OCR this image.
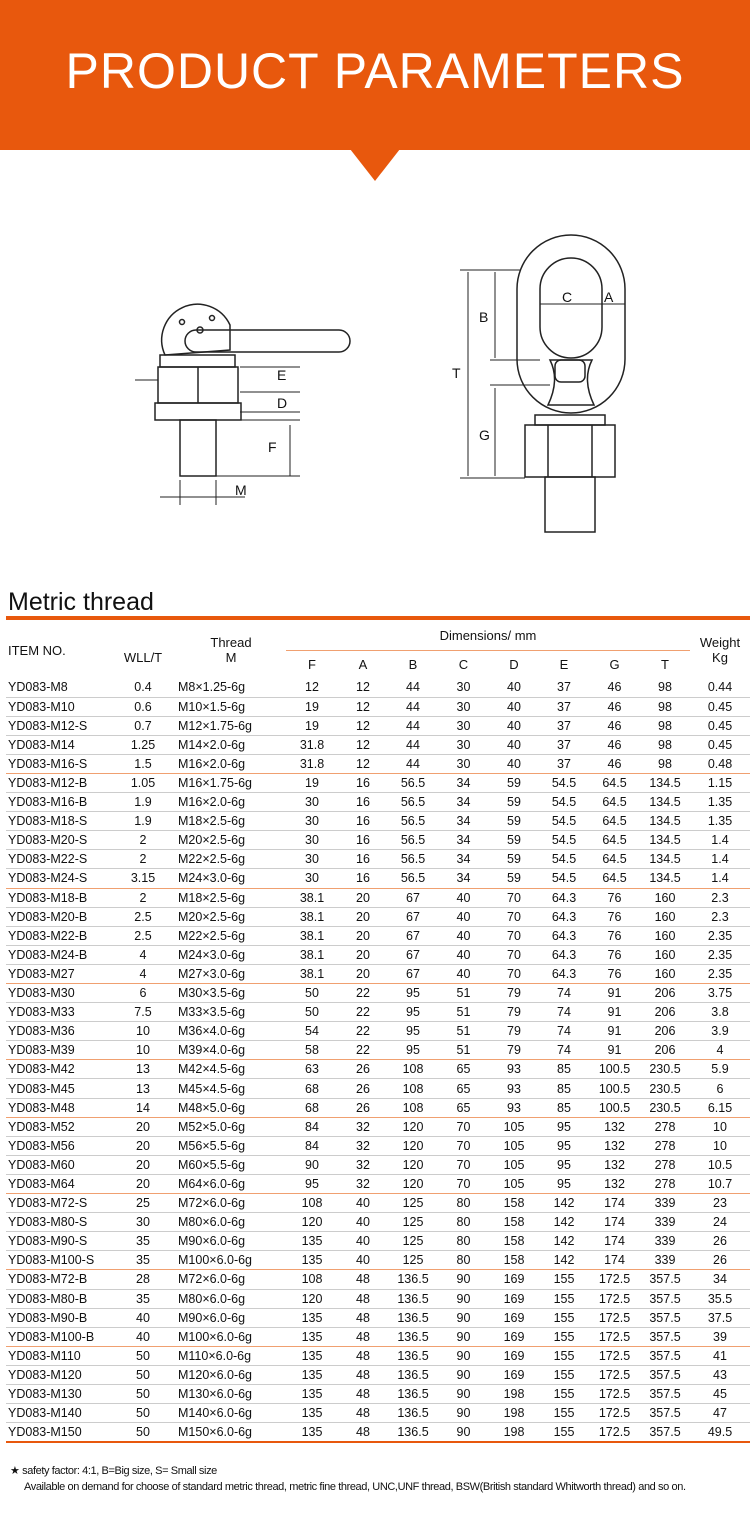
PRODUCT PARAMETERS
E
D
F
M
C A
B
T
G
Metric thread
ITEM NO.	WLL/T	Thread
M	Dimensions/ mm								Weight
Kg
			F	A	B	C	D	E	G	T	
YD083-M8	0.4	M8×1.25-6g	12	12	44	30	40	37	46	98	0.44
YD083-M10	0.6	M10×1.5-6g	19	12	44	30	40	37	46	98	0.45
YD083-M12-S	0.7	M12×1.75-6g	19	12	44	30	40	37	46	98	0.45
YD083-M14	1.25	M14×2.0-6g	31.8	12	44	30	40	37	46	98	0.45
YD083-M16-S	1.5	M16×2.0-6g	31.8	12	44	30	40	37	46	98	0.48
YD083-M12-B	1.05	M16×1.75-6g	19	16	56.5	34	59	54.5	64.5	134.5	1.15
YD083-M16-B	1.9	M16×2.0-6g	30	16	56.5	34	59	54.5	64.5	134.5	1.35
YD083-M18-S	1.9	M18×2.5-6g	30	16	56.5	34	59	54.5	64.5	134.5	1.35
YD083-M20-S	2	M20×2.5-6g	30	16	56.5	34	59	54.5	64.5	134.5	1.4
YD083-M22-S	2	M22×2.5-6g	30	16	56.5	34	59	54.5	64.5	134.5	1.4
YD083-M24-S	3.15	M24×3.0-6g	30	16	56.5	34	59	54.5	64.5	134.5	1.4
YD083-M18-B	2	M18×2.5-6g	38.1	20	67	40	70	64.3	76	160	2.3
YD083-M20-B	2.5	M20×2.5-6g	38.1	20	67	40	70	64.3	76	160	2.3
YD083-M22-B	2.5	M22×2.5-6g	38.1	20	67	40	70	64.3	76	160	2.35
YD083-M24-B	4	M24×3.0-6g	38.1	20	67	40	70	64.3	76	160	2.35
YD083-M27	4	M27×3.0-6g	38.1	20	67	40	70	64.3	76	160	2.35
YD083-M30	6	M30×3.5-6g	50	22	95	51	79	74	91	206	3.75
YD083-M33	7.5	M33×3.5-6g	50	22	95	51	79	74	91	206	3.8
YD083-M36	10	M36×4.0-6g	54	22	95	51	79	74	91	206	3.9
YD083-M39	10	M39×4.0-6g	58	22	95	51	79	74	91	206	4
YD083-M42	13	M42×4.5-6g	63	26	108	65	93	85	100.5	230.5	5.9
YD083-M45	13	M45×4.5-6g	68	26	108	65	93	85	100.5	230.5	6
YD083-M48	14	M48×5.0-6g	68	26	108	65	93	85	100.5	230.5	6.15
YD083-M52	20	M52×5.0-6g	84	32	120	70	105	95	132	278	10
YD083-M56	20	M56×5.5-6g	84	32	120	70	105	95	132	278	10
YD083-M60	20	M60×5.5-6g	90	32	120	70	105	95	132	278	10.5
YD083-M64	20	M64×6.0-6g	95	32	120	70	105	95	132	278	10.7
YD083-M72-S	25	M72×6.0-6g	108	40	125	80	158	142	174	339	23
YD083-M80-S	30	M80×6.0-6g	120	40	125	80	158	142	174	339	24
YD083-M90-S	35	M90×6.0-6g	135	40	125	80	158	142	174	339	26
YD083-M100-S	35	M100×6.0-6g	135	40	125	80	158	142	174	339	26
YD083-M72-B	28	M72×6.0-6g	108	48	136.5	90	169	155	172.5	357.5	34
YD083-M80-B	35	M80×6.0-6g	120	48	136.5	90	169	155	172.5	357.5	35.5
YD083-M90-B	40	M90×6.0-6g	135	48	136.5	90	169	155	172.5	357.5	37.5
YD083-M100-B	40	M100×6.0-6g	135	48	136.5	90	169	155	172.5	357.5	39
YD083-M110	50	M110×6.0-6g	135	48	136.5	90	169	155	172.5	357.5	41
YD083-M120	50	M120×6.0-6g	135	48	136.5	90	169	155	172.5	357.5	43
YD083-M130	50	M130×6.0-6g	135	48	136.5	90	198	155	172.5	357.5	45
YD083-M140	50	M140×6.0-6g	135	48	136.5	90	198	155	172.5	357.5	47
YD083-M150	50	M150×6.0-6g	135	48	136.5	90	198	155	172.5	357.5	49.5

★ safety factor: 4:1, B=Big size, S= Small size

Available on demand for choose of standard metric thread, metric fine thread, UNC,UNF thread, BSW(British standard Whitworth thread) and so on.
